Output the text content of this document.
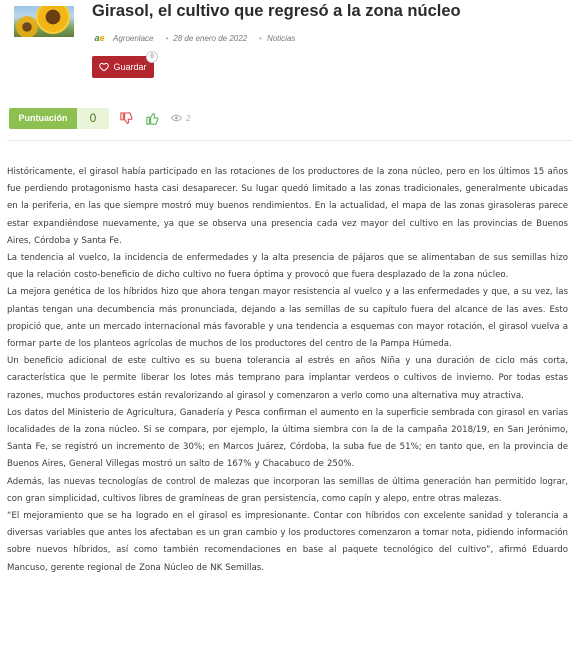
Girasol, el cultivo que regresó a la zona núcleo
a e Agroenlace • 28 de enero de 2022 • Noticias
Guardar
0
Puntuación	0	2

Históricamente, el girasol había participado en las rotaciones de los productores de la zona núcleo, pero en los últimos 15 años fue perdiendo protagonismo hasta casi desaparecer. Su lugar quedó limitado a las zonas tradicionales, generalmente ubicadas en la periferia, en las que siempre mostró muy buenos rendimientos. En la actualidad, el mapa de las zonas girasoleras parece estar expandiéndose nuevamente, ya que se observa una presencia cada vez mayor del cultivo en las provincias de Buenos Aires, Córdoba y Santa Fe.

La tendencia al vuelco, la incidencia de enfermedades y la alta presencia de pájaros que se alimentaban de sus semillas hizo que la relación costo-beneficio de dicho cultivo no fuera óptima y provocó que fuera desplazado de la zona núcleo.

La mejora genética de los híbridos hizo que ahora tengan mayor resistencia al vuelco y a las enfermedades y que, a su vez, las plantas tengan una decumbencia más pronunciada, dejando a las semillas de su capítulo fuera del alcance de las aves. Esto propició que, ante un mercado internacional más favorable y una tendencia a esquemas con mayor rotación, el girasol vuelva a formar parte de los planteos agrícolas de muchos de los productores del centro de la Pampa Húmeda.

Un beneficio adicional de este cultivo es su buena tolerancia al estrés en años Niña y una duración de ciclo más corta, característica que le permite liberar los lotes más temprano para implantar verdeos o cultivos de invierno. Por todas estas razones, muchos productores están revalorizando al girasol y comenzaron a verlo como una alternativa muy atractiva.

Los datos del Ministerio de Agricultura, Ganadería y Pesca confirman el aumento en la superficie sembrada con girasol en varias localidades de la zona núcleo. Si se compara, por ejemplo, la última siembra con la de la campaña 2018/19, en San Jerónimo, Santa Fe, se registró un incremento de 30%; en Marcos Juárez, Córdoba, la suba fue de 51%; en tanto que, en la provincia de Buenos Aires, General Villegas mostró un salto de 167% y Chacabuco de 250%.

Además, las nuevas tecnologías de control de malezas que incorporan las semillas de última generación han permitido lograr, con gran simplicidad, cultivos libres de gramíneas de gran persistencia, como capín y alepo, entre otras malezas.

“El mejoramiento que se ha logrado en el girasol es impresionante. Contar con híbridos con excelente sanidad y tolerancia a diversas variables que antes los afectaban es un gran cambio y los productores comenzaron a tomar nota, pidiendo información sobre nuevos híbridos, así como también recomendaciones en base al paquete tecnológico del cultivo”, afirmó Eduardo Mancuso, gerente regional de Zona Núcleo de NK Semillas.
